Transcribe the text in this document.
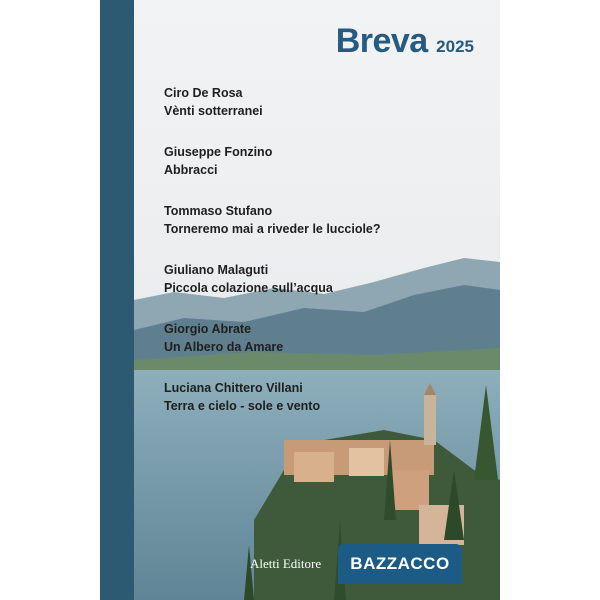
Breva 2025
Ciro De Rosa
Vènti sotterranei
Giuseppe Fonzino
Abbracci
Tommaso Stufano
Torneremo mai a riveder le lucciole?
Giuliano Malaguti
Piccola colazione sull’acqua
Giorgio Abrate
Un Albero da Amare
Luciana Chittero Villani
Terra e cielo - sole e vento
Aletti Editore BAZZACCO
